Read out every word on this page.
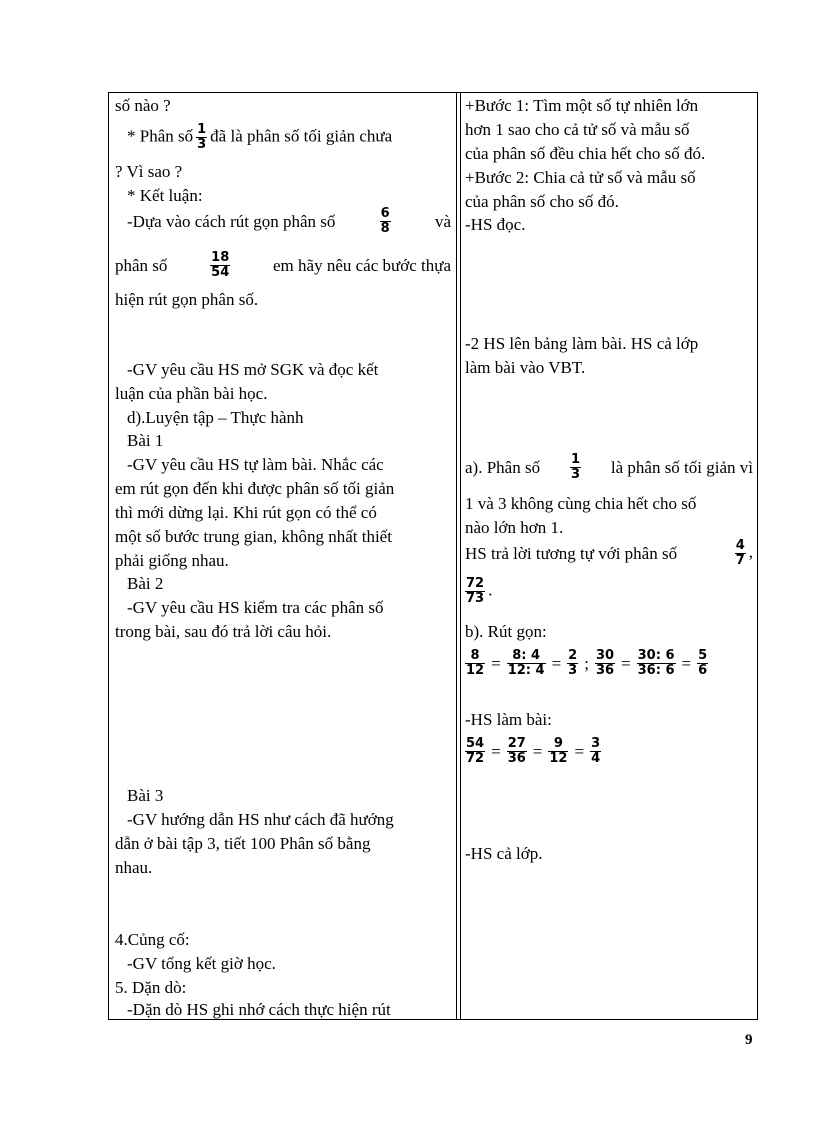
số nào ?
* Phân số $\frac{1}{3}$ đã là phân số tối giản chưa
? Vì sao ?
* Kết luận:
-Dựa vào cách rút gọn phân số	$\frac{6}{8}$	và
phân số	$\frac{18}{54}$	em hãy nêu các bước thựa
hiện rút gọn phân số.
-GV yêu cầu HS mở SGK và đọc kết
luận của phần bài học.
d).Luyện tập – Thực hành
Bài 1
-GV yêu cầu HS tự làm bài. Nhắc các
em rút gọn đến khi được phân số tối giản
thì mới dừng lại. Khi rút gọn có thể có
một số bước trung gian, không nhất thiết
phải giống nhau.
Bài 2
-GV yêu cầu HS kiểm tra các phân số
trong bài, sau đó trả lời câu hỏi.
Bài 3
-GV hướng dẫn HS như cách đã hướng
dẫn ở bài tập 3, tiết 100 Phân số bằng
nhau.
4.Củng cố:
-GV tổng kết giờ học.
5. Dặn dò:
-Dặn dò HS ghi nhớ cách thực hiện rút
+Bước 1: Tìm một số tự nhiên lớn
hơn 1 sao cho cả tử số và mẫu số
của phân số đều chia hết cho số đó.
+Bước 2: Chia cả tử số và mẫu số
của phân số cho số đó.
-HS đọc.
-2 HS lên bảng làm bài. HS cả lớp
làm bài vào VBT.
a). Phân số $\frac{1}{3}$ là phân số tối giản vì
1 và 3 không cùng chia hết cho số
nào lớn hơn 1.
HS trả lời tương tự với phân số	$\frac{4}{7}$ ,
$\frac{72}{73}$ .
b). Rút gọn:
$\frac{8}{12} = \frac{8: 4}{12: 4} = \frac{2}{3}$ ; $\frac{30}{36} = \frac{30: 6}{36: 6} = \frac{5}{6}$
-HS làm bài:
$\frac{54}{72} = \frac{27}{36} = \frac{9}{12} = \frac{3}{4}$
-HS cả lớp.
9
